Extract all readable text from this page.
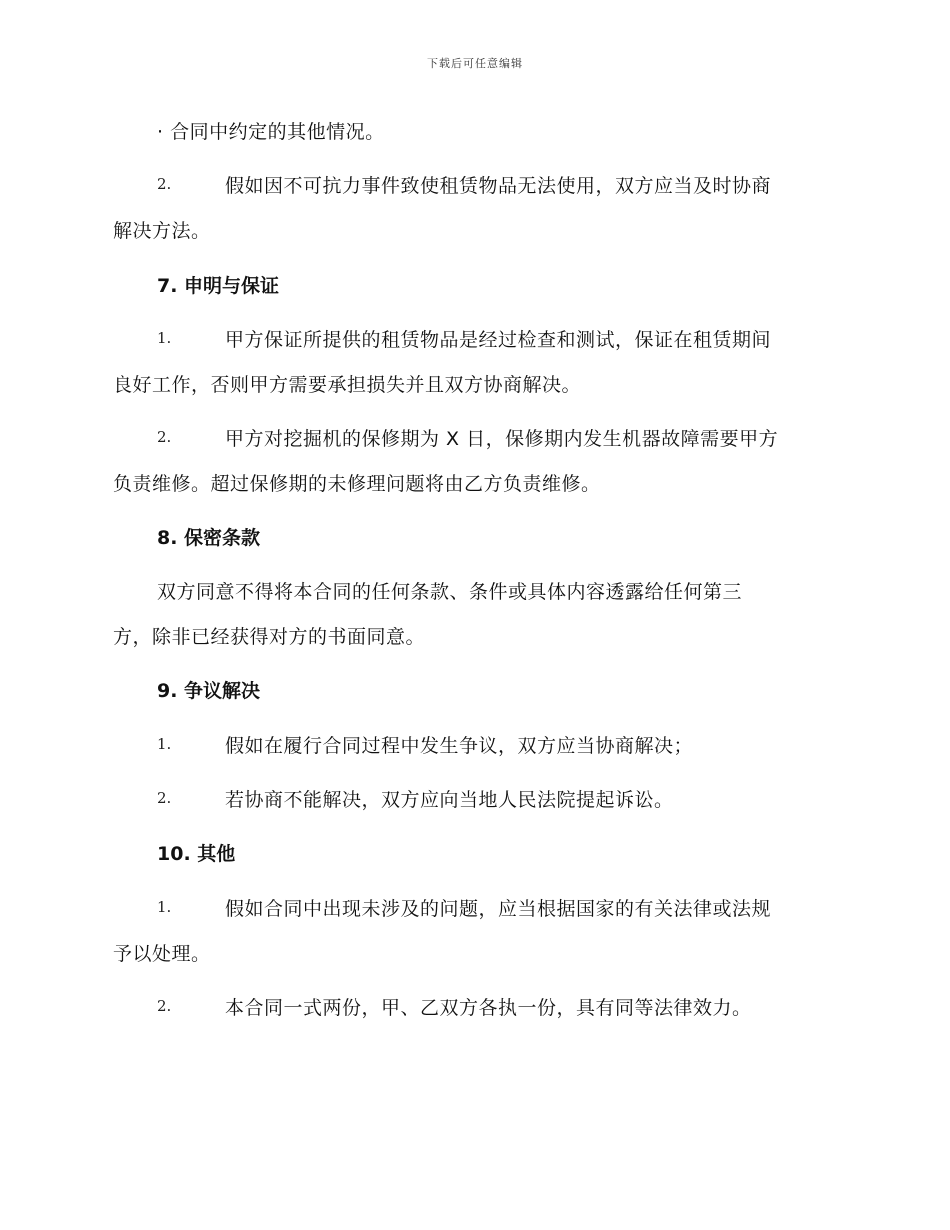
下载后可任意编辑
· 合同中约定的其他情况。
2.	假如因不可抗力事件致使租赁物品无法使用，双方应当及时协商
解决方法。
7. 申明与保证
1.	甲方保证所提供的租赁物品是经过检查和测试，保证在租赁期间
良好工作，否则甲方需要承担损失并且双方协商解决。
2.	甲方对挖掘机的保修期为 X 日，保修期内发生机器故障需要甲方
负责维修。超过保修期的未修理问题将由乙方负责维修。
8. 保密条款
双方同意不得将本合同的任何条款、条件或具体内容透露给任何第三
方，除非已经获得对方的书面同意。
9. 争议解决
1.	假如在履行合同过程中发生争议，双方应当协商解决；
2.	若协商不能解决，双方应向当地人民法院提起诉讼。
10. 其他
1.	假如合同中出现未涉及的问题，应当根据国家的有关法律或法规
予以处理。
2.	本合同一式两份，甲、乙双方各执一份，具有同等法律效力。
